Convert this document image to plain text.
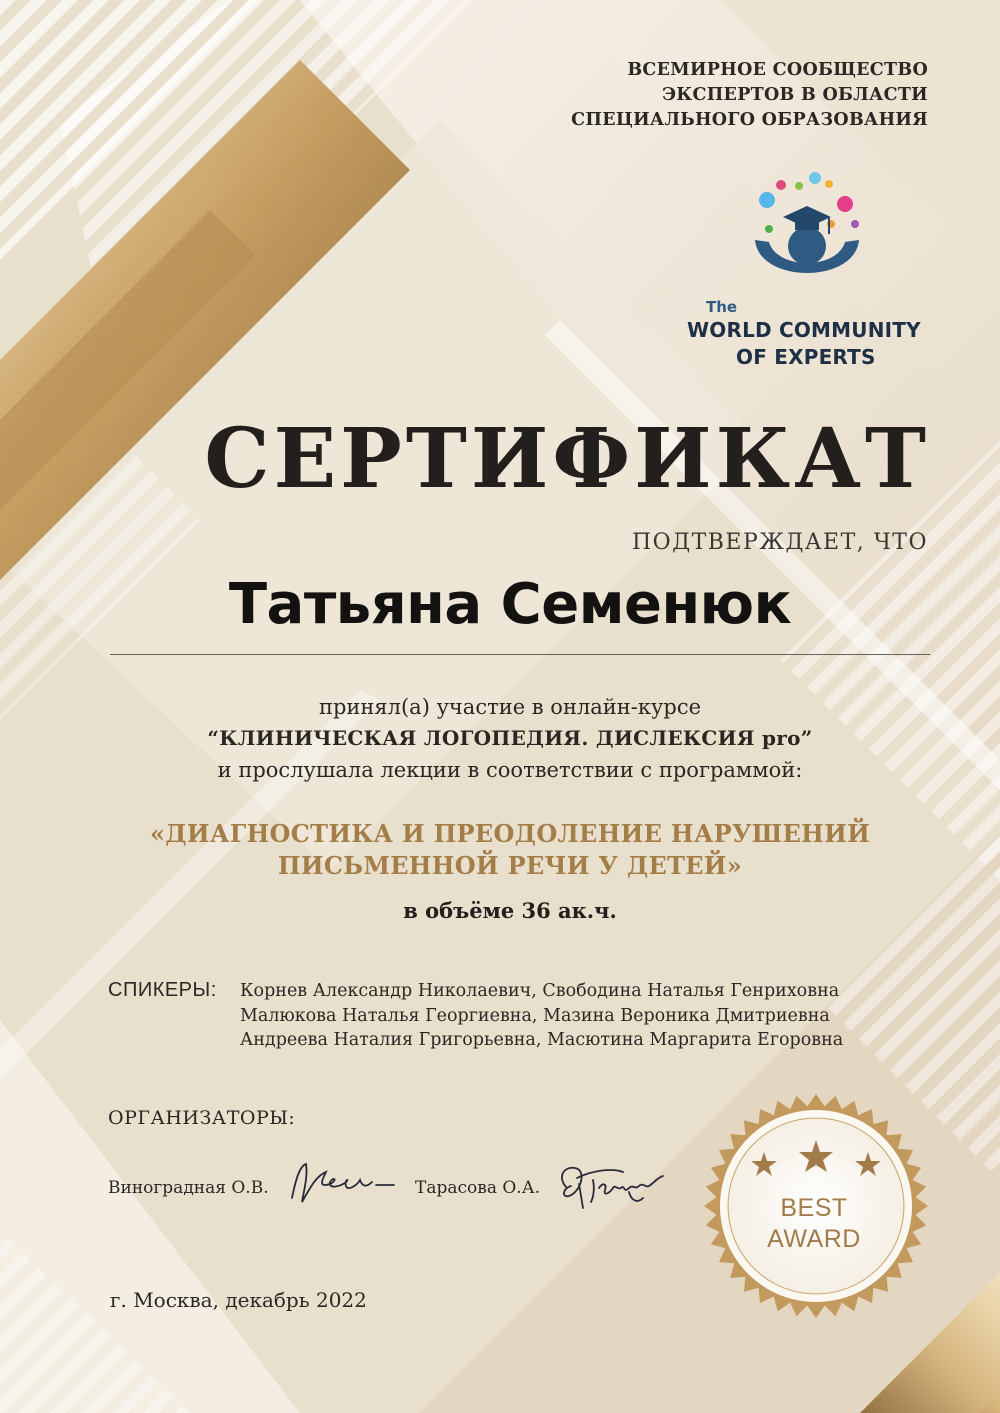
ВСЕМИРНОЕ СООБЩЕСТВО
ЭКСПЕРТОВ В ОБЛАСТИ
СПЕЦИАЛЬНОГО ОБРАЗОВАНИЯ
The
WORLD COMMUNITY
OF EXPERTS
СЕРТИФИКАТ
ПОДТВЕРЖДАЕТ, ЧТО
Татьяна Семенюк
принял(а) участие в онлайн-курсе
“КЛИНИЧЕСКАЯ ЛОГОПЕДИЯ. ДИСЛЕКСИЯ pro”
и прослушала лекции в соответствии с программой:
«ДИАГНОСТИКА И ПРЕОДОЛЕНИЕ НАРУШЕНИЙ
ПИСЬМЕННОЙ РЕЧИ У ДЕТЕЙ»
в объёме 36 ак.ч.
СПИКЕРЫ: Корнев Александр Николаевич, Свободина Наталья Генриховна
Малюкова Наталья Георгиевна, Мазина Вероника Дмитриевна
Андреева Наталия Григорьевна, Масютина Маргарита Егоровна
ОРГАНИЗАТОРЫ:
Виноградная О.В.	Тарасова О.А.
BEST
AWARD
г. Москва, декабрь 2022
